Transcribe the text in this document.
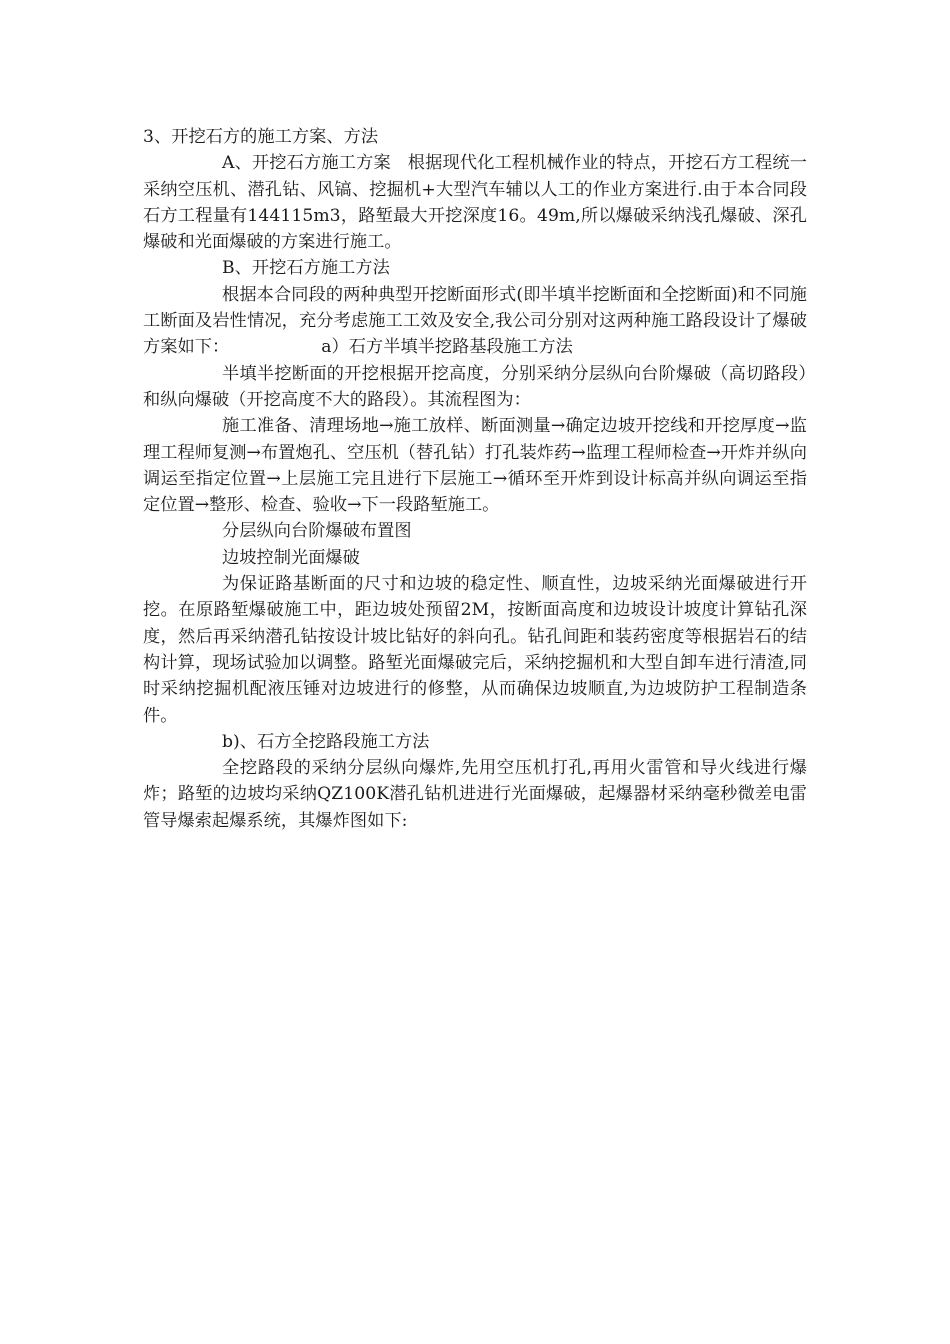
3、开挖石方的施工方案、方法

A、开挖石方施工方案 根据现代化工程机械作业的特点，开挖石方工程统一采纳空压机、潜孔钻、风镐、挖掘机+大型汽车辅以人工的作业方案进行.由于本合同段石方工程量有144115m3，路堑最大开挖深度16。49m,所以爆破采纳浅孔爆破、深孔爆破和光面爆破的方案进行施工。

B、开挖石方施工方法

根据本合同段的两种典型开挖断面形式(即半填半挖断面和全挖断面)和不同施工断面及岩性情况，充分考虑施工工效及安全,我公司分别对这两种施工路段设计了爆破方案如下：	a）石方半填半挖路基段施工方法

半填半挖断面的开挖根据开挖高度，分别采纳分层纵向台阶爆破（高切路段）和纵向爆破（开挖高度不大的路段）。其流程图为：

施工准备、清理场地→施工放样、断面测量→确定边坡开挖线和开挖厚度→监理工程师复测→布置炮孔、空压机（替孔钻）打孔装炸药→监理工程师检查→开炸并纵向调运至指定位置→上层施工完且进行下层施工→循环至开炸到设计标高并纵向调运至指定位置→整形、检查、验收→下一段路堑施工。

分层纵向台阶爆破布置图

边坡控制光面爆破

为保证路基断面的尺寸和边坡的稳定性、顺直性，边坡采纳光面爆破进行开挖。在原路堑爆破施工中，距边坡处预留2M，按断面高度和边坡设计坡度计算钻孔深度，然后再采纳潜孔钻按设计坡比钻好的斜向孔。钻孔间距和装药密度等根据岩石的结构计算，现场试验加以调整。路堑光面爆破完后，采纳挖掘机和大型自卸车进行清渣,同时采纳挖掘机配液压锤对边坡进行的修整，从而确保边坡顺直,为边坡防护工程制造条件。

b)、石方全挖路段施工方法

全挖路段的采纳分层纵向爆炸,先用空压机打孔,再用火雷管和导火线进行爆炸；路堑的边坡均采纳QZ100K潜孔钻机进进行光面爆破，起爆器材采纳毫秒微差电雷管导爆索起爆系统，其爆炸图如下:
